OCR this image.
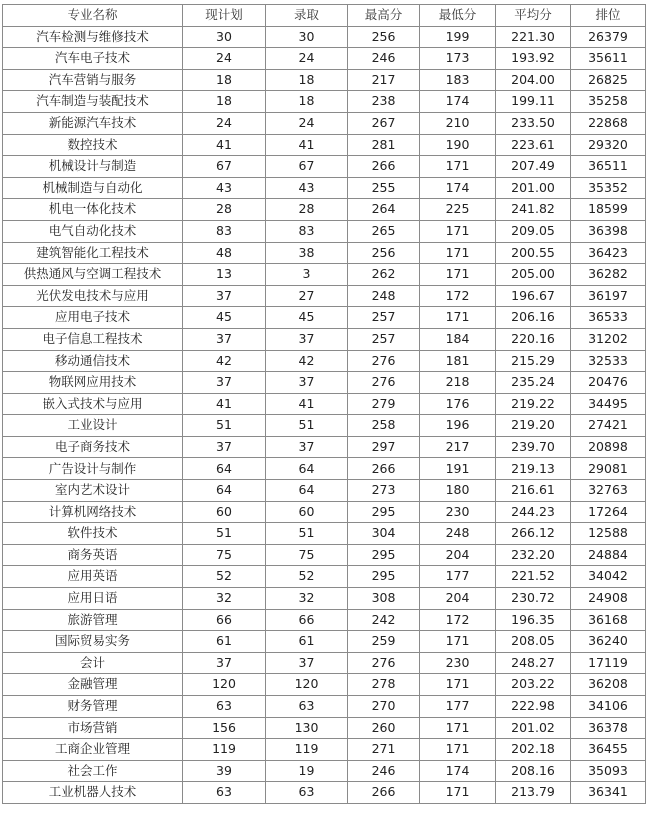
专业名称	现计划	录取	最高分	最低分	平均分	排位
汽车检测与维修技术	30	30	256	199	221.30	26379
汽车电子技术	24	24	246	173	193.92	35611
汽车营销与服务	18	18	217	183	204.00	26825
汽车制造与装配技术	18	18	238	174	199.11	35258
新能源汽车技术	24	24	267	210	233.50	22868
数控技术	41	41	281	190	223.61	29320
机械设计与制造	67	67	266	171	207.49	36511
机械制造与自动化	43	43	255	174	201.00	35352
机电一体化技术	28	28	264	225	241.82	18599
电气自动化技术	83	83	265	171	209.05	36398
建筑智能化工程技术	48	38	256	171	200.55	36423
供热通风与空调工程技术	13	3	262	171	205.00	36282
光伏发电技术与应用	37	27	248	172	196.67	36197
应用电子技术	45	45	257	171	206.16	36533
电子信息工程技术	37	37	257	184	220.16	31202
移动通信技术	42	42	276	181	215.29	32533
物联网应用技术	37	37	276	218	235.24	20476
嵌入式技术与应用	41	41	279	176	219.22	34495
工业设计	51	51	258	196	219.20	27421
电子商务技术	37	37	297	217	239.70	20898
广告设计与制作	64	64	266	191	219.13	29081
室内艺术设计	64	64	273	180	216.61	32763
计算机网络技术	60	60	295	230	244.23	17264
软件技术	51	51	304	248	266.12	12588
商务英语	75	75	295	204	232.20	24884
应用英语	52	52	295	177	221.52	34042
应用日语	32	32	308	204	230.72	24908
旅游管理	66	66	242	172	196.35	36168
国际贸易实务	61	61	259	171	208.05	36240
会计	37	37	276	230	248.27	17119
金融管理	120	120	278	171	203.22	36208
财务管理	63	63	270	177	222.98	34106
市场营销	156	130	260	171	201.02	36378
工商企业管理	119	119	271	171	202.18	36455
社会工作	39	19	246	174	208.16	35093
工业机器人技术	63	63	266	171	213.79	36341
